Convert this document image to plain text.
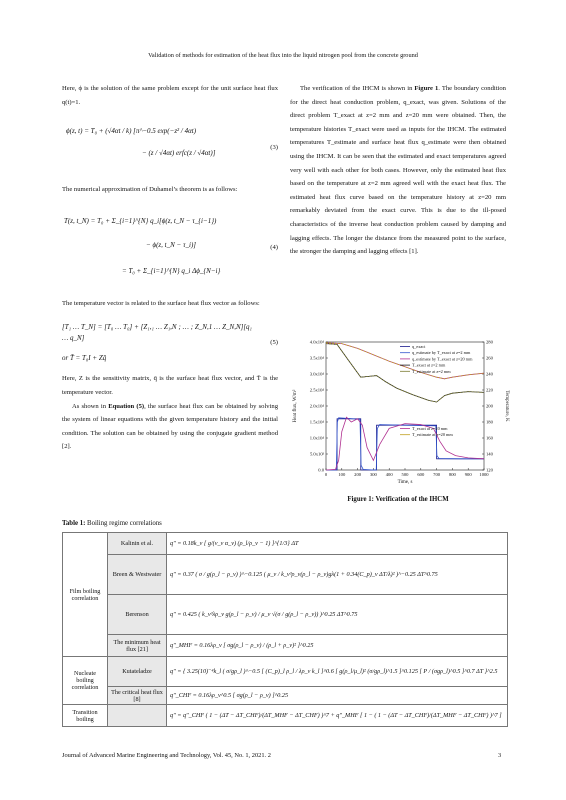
Validation of methods for estimation of the heat flux into the liquid nitrogen pool from the concrete ground

Here, ϕ is the solution of the same problem except for the unit surface heat flux q(t)=1.

ϕ(z, t) = T₀ + (√4αt / k) [π^−0.5 exp(−z² / 4αt)
− (z / √4αt) erfc(z / √4αt)]
(3)

The numerical approximation of Duhamel’s theorem is as follows:

T(z, t_N) = T₀ + Σ_{i=1}^{N} q_i[ϕ(z, t_N − τ_{i−1})
− ϕ(z, t_N − τ_i)]
= T₀ + Σ_{i=1}^{N} q_i Δϕ_{N−i}
(4)

The temperature vector is related to the surface heat flux vector as follows:

[T₁ … T_N] = [T₀ … T₀] + [Z₁,₁ … Z₁,N ; … ; Z_N,1 … Z_N,N][q₁ … q_N]
or T̄ = T₀I + Zq̄
(5)

Here, Z is the sensitivity matrix, q̄ is the surface heat flux vector, and T̄ is the temperature vector.

As shown in Equation (5), the surface heat flux can be obtained by solving the system of linear equations with the given temperature history and the initial condition. The solution can be obtained by using the conjugate gradient method [2].

The verification of the IHCM is shown in Figure 1. The boundary condition for the direct heat conduction problem, q_exact, was given. Solutions of the direct problem T_exact at z=2 mm and z=20 mm were obtained. Then, the temperature histories T_exact were used as inputs for the IHCM. The estimated temperatures T_estimate and surface heat flux q_estimate were then obtained using the IHCM. It can be seen that the estimated and exact temperatures agreed very well with each other for both cases. However, only the estimated heat flux based on the temperature at z=2 mm agreed well with the exact heat flux. The estimated heat flux curve based on the temperature history at z=20 mm remarkably deviated from the exact curve. This is due to the ill-posed characteristics of the inverse heat conduction problem caused by damping and lagging effects. The longer the distance from the measured point to the surface, the stronger the damping and lagging effects [1].

0 100 200 300 400 500 600 700 800 900 1000
0.0
5.0x10³
1.0x10⁴
1.5x10⁴
2.0x10⁴
2.5x10⁴
3.0x10⁴
3.5x10⁴
4.0x10⁴
120
140
160
180
200
220
240
260
280
Time, s
Heat flux, W/m²	Temperature, K
q_exact
q_estimate by T_exact at z=2 mm
q_estimate by T_exact at z=20 mm
T_exact at z=2 mm
T_estimate at z=2 mm
T_exact at z=20 mm
T_estimate at z=20 mm
Figure 1: Verification of the IHCM
Table 1: Boiling regime correlations
Film boiling correlation	Kalinin et al.	q″ = 0.18k_v [ g/(ν_v α_v) (ρ_l/ρ_v − 1) ]^{1/3} ΔT
	Breen & Westwater	q″ = 0.37 ( σ / g(ρ_l − ρ_v) )^−0.125 ( μ_v / k_v³ρ_v(ρ_l − ρ_v)gλ(1 + 0.34(C_p)_v ΔT/λ)² )^−0.25 ΔT^0.75
	Berenson	q″ = 0.425 ( k_v³λρ_v g(ρ_l − ρ_v) / μ_v √(σ / g(ρ_l − ρ_v)) )^0.25 ΔT^0.75
	The minimum heat flux [21]	q″_MHF = 0.16λρ_v [ σg(ρ_l − ρ_v) / (ρ_l + ρ_v)² ]^0.25
Nucleate boiling correlation	Kutateladze	q″ = { 3.25(10)⁻⁴k_l ( σ/gρ_l )^−0.5 [ (C_p)_l ρ_l / λρ_v k_l ]^0.6 [ g(ρ_l/μ_l)² (σ/gρ_l)^1.5 ]^0.125 [ P / (σgρ_l)^0.5 ]^0.7 ΔT }^2.5
	The critical heat flux [8]	q″_CHF = 0.16λρ_v^0.5 [ σg(ρ_l − ρ_v) ]^0.25
Transition boiling		q″ = q″_CHF ( 1 − (ΔT − ΔT_CHF)/(ΔT_MHF − ΔT_CHF) )^7 + q″_MHF [ 1 − ( 1 − (ΔT − ΔT_CHF)/(ΔT_MHF − ΔT_CHF) )^7 ]
Journal of Advanced Marine Engineering and Technology, Vol. 45, No. 1, 2021. 2	3
